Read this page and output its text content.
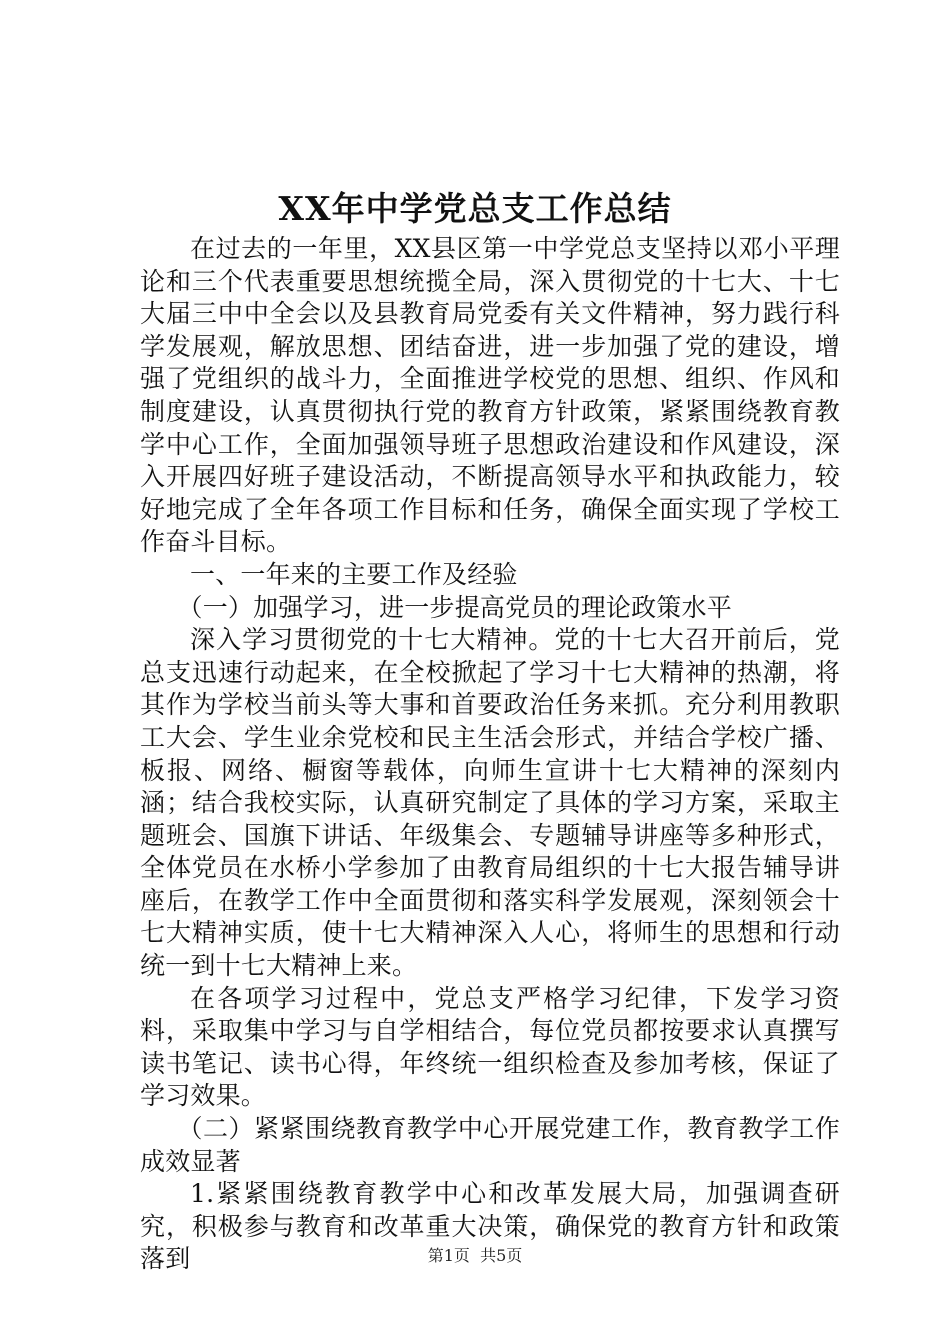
XX年中学党总支工作总结

在过去的一年里，XX县区第一中学党总支坚持以邓小平理论和三个代表重要思想统揽全局，深入贯彻党的十七大、十七大届三中中全会以及县教育局党委有关文件精神，努力践行科学发展观，解放思想、团结奋进，进一步加强了党的建设，增强了党组织的战斗力，全面推进学校党的思想、组织、作风和制度建设，认真贯彻执行党的教育方针政策，紧紧围绕教育教学中心工作，全面加强领导班子思想政治建设和作风建设，深入开展四好班子建设活动，不断提高领导水平和执政能力，较好地完成了全年各项工作目标和任务，确保全面实现了学校工作奋斗目标。

一、一年来的主要工作及经验

（一）加强学习，进一步提高党员的理论政策水平

深入学习贯彻党的十七大精神。党的十七大召开前后，党总支迅速行动起来，在全校掀起了学习十七大精神的热潮，将其作为学校当前头等大事和首要政治任务来抓。充分利用教职工大会、学生业余党校和民主生活会形式，并结合学校广播、板报、网络、橱窗等载体，向师生宣讲十七大精神的深刻内涵；结合我校实际，认真研究制定了具体的学习方案，采取主题班会、国旗下讲话、年级集会、专题辅导讲座等多种形式，全体党员在水桥小学参加了由教育局组织的十七大报告辅导讲座后，在教学工作中全面贯彻和落实科学发展观，深刻领会十七大精神实质，使十七大精神深入人心，将师生的思想和行动统一到十七大精神上来。

在各项学习过程中，党总支严格学习纪律，下发学习资料，采取集中学习与自学相结合，每位党员都按要求认真撰写读书笔记、读书心得，年终统一组织检查及参加考核，保证了学习效果。

（二）紧紧围绕教育教学中心开展党建工作，教育教学工作成效显著

1.紧紧围绕教育教学中心和改革发展大局，加强调查研究，积极参与教育和改革重大决策，确保党的教育方针和政策落到	第1页 共5页
